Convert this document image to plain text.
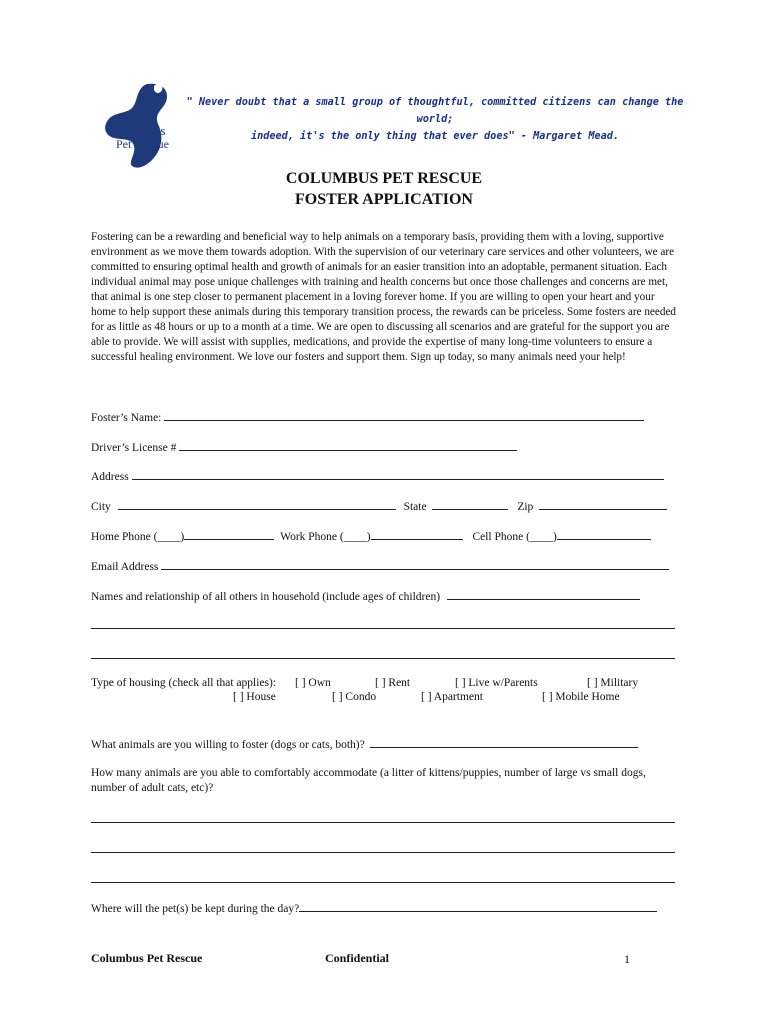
Columbus
Pet Rescue
" Never doubt that a small group of thoughtful, committed citizens can change the world;
indeed, it's the only thing that ever does" - Margaret Mead.
COLUMBUS PET RESCUE
FOSTER APPLICATION
Fostering can be a rewarding and beneficial way to help animals on a temporary basis, providing them with a loving, supportive environment as we move them towards adoption. With the supervision of our veterinary care services and other volunteers, we are committed to ensuring optimal health and growth of animals for an easier transition into an adoptable, permanent situation. Each individual animal may pose unique challenges with training and health concerns but once those challenges and concerns are met, that animal is one step closer to permanent placement in a loving forever home. If you are willing to open your heart and your home to help support these animals during this temporary transition process, the rewards can be priceless. Some fosters are needed for as little as 48 hours or up to a month at a time. We are open to discussing all scenarios and are grateful for the support you are able to provide. We will assist with supplies, medications, and provide the expertise of many long-time volunteers to ensure a successful healing environment. We love our fosters and support them. Sign up today, so many animals need your help!
Foster’s Name:
Driver’s License #
Address
City	State	Zip
Home Phone (____)	Work Phone (____)	Cell Phone (____)
Email Address
Names and relationship of all others in household (include ages of children)
Type of housing (check all that applies): [ ] Own	[ ] Rent	[ ] Live w/Parents	[ ] Military
[ ] House	[ ] Condo	[ ] Apartment	[ ] Mobile Home
What animals are you willing to foster (dogs or cats, both)?
How many animals are you able to comfortably accommodate (a litter of kittens/puppies, number of large vs small dogs, number of adult cats, etc)?
Where will the pet(s) be kept during the day?
Columbus Pet Rescue	Confidential	1
